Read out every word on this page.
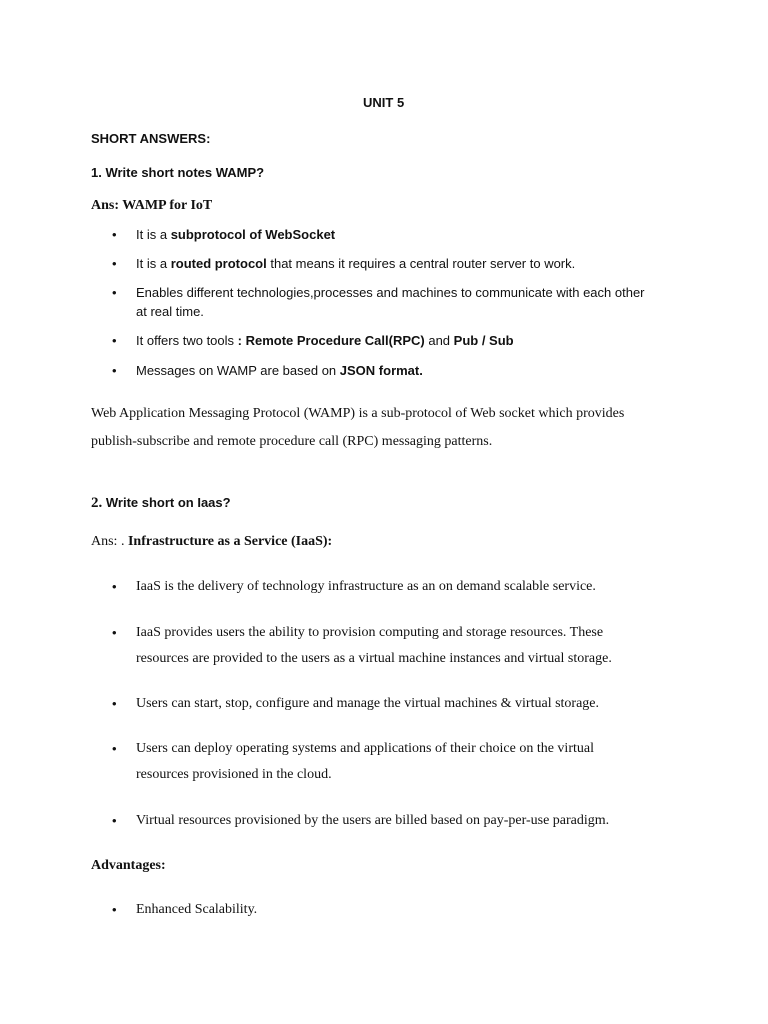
UNIT 5
SHORT ANSWERS:
1. Write short notes WAMP?
Ans: WAMP for IoT
• It is a subprotocol of WebSocket
• It is a routed protocol that means it requires a central router server to work.
• Enables different technologies,processes and machines to communicate with each other
at real time.
• It offers two tools : Remote Procedure Call(RPC) and Pub / Sub
• Messages on WAMP are based on JSON format.
Web Application Messaging Protocol (WAMP) is a sub-protocol of Web socket which provides
publish-subscribe and remote procedure call (RPC) messaging patterns.
2. Write short on Iaas?
Ans: . Infrastructure as a Service (IaaS):
• IaaS is the delivery of technology infrastructure as an on demand scalable service.
• IaaS provides users the ability to provision computing and storage resources. These
resources are provided to the users as a virtual machine instances and virtual storage.
• Users can start, stop, configure and manage the virtual machines & virtual storage.
• Users can deploy operating systems and applications of their choice on the virtual
resources provisioned in the cloud.
• Virtual resources provisioned by the users are billed based on pay-per-use paradigm.
Advantages:
• Enhanced Scalability.
